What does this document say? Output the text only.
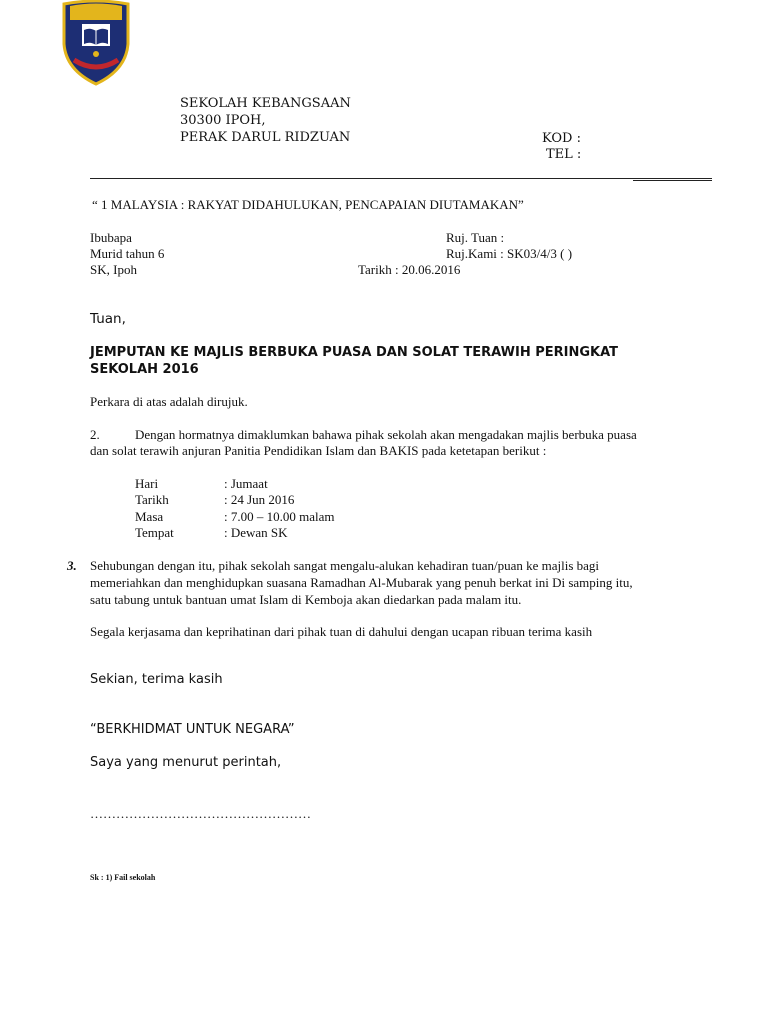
SEKOLAH KEBANGSAAN
30300 IPOH,
PERAK DARUL RIDZUAN	KOD :
TEL :
“ 1 MALAYSIA : RAKYAT DIDAHULUKAN, PENCAPAIAN DIUTAMAKAN”
Ibubapa
Murid tahun 6
SK, Ipoh
Ruj. Tuan :
Ruj.Kami : SK03/4/3 ( )
Tarikh : 20.06.2016
Tuan,
JEMPUTAN KE MAJLIS BERBUKA PUASA DAN SOLAT TERAWIH PERINGKAT SEKOLAH 2016
Perkara di atas adalah dirujuk.
2.	Dengan hormatnya dimaklumkan bahawa pihak sekolah akan mengadakan majlis berbuka puasa
dan solat terawih anjuran Panitia Pendidikan Islam dan BAKIS pada ketetapan berikut :
Hari	: Jumaat
Tarikh	: 24 Jun 2016
Masa	: 7.00 – 10.00 malam
Tempat	: Dewan SK
3. Sehubungan dengan itu, pihak sekolah sangat mengalu-alukan kehadiran tuan/puan ke majlis bagi
memeriahkan dan menghidupkan suasana Ramadhan Al-Mubarak yang penuh berkat ini Di samping itu,
satu tabung untuk bantuan umat Islam di Kemboja akan diedarkan pada malam itu.
Segala kerjasama dan keprihatinan dari pihak tuan di dahului dengan ucapan ribuan terima kasih
Sekian, terima kasih
“BERKHIDMAT UNTUK NEGARA”
Saya yang menurut perintah,
……………………………………………
Sk : 1) Fail sekolah
